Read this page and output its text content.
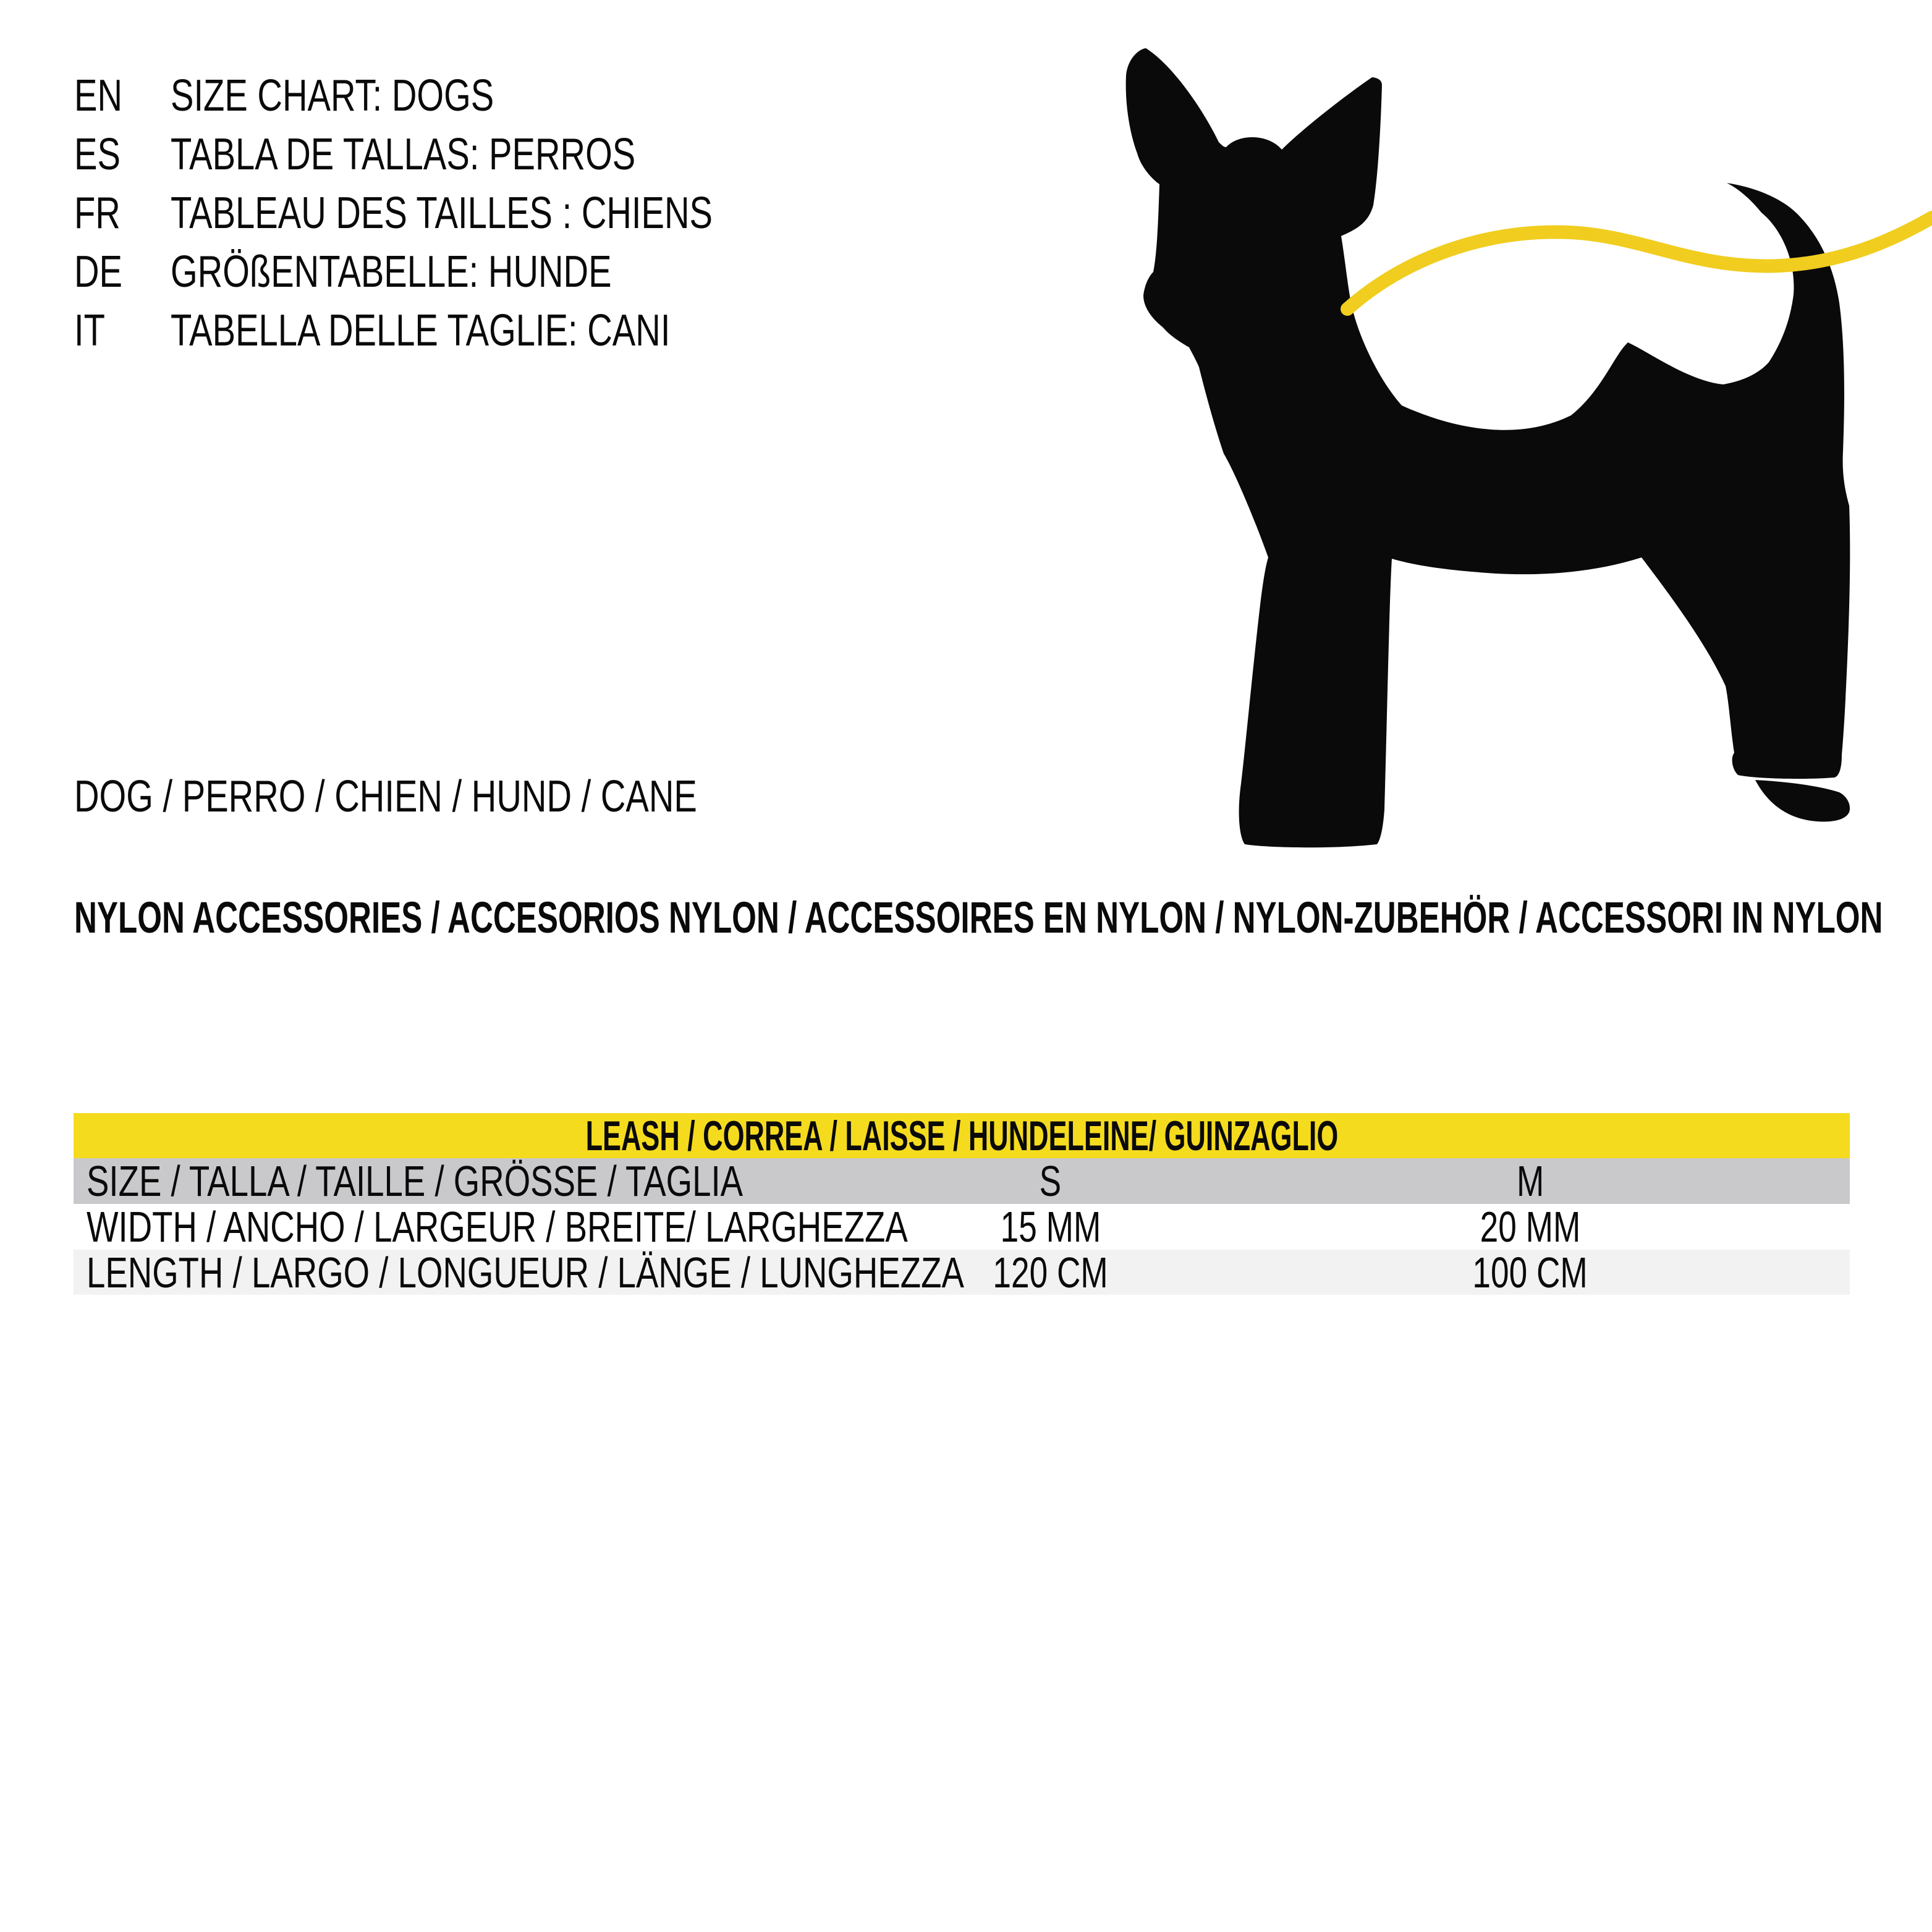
EN SIZE CHART: DOGS
ES TABLA DE TALLAS: PERROS
FR TABLEAU DES TAILLES : CHIENS
DE GRÖßENTABELLE: HUNDE
IT TABELLA DELLE TAGLIE: CANI
DOG / PERRO / CHIEN / HUND / CANE
NYLON ACCESSORIES / ACCESORIOS NYLON / ACCESSOIRES EN NYLON / NYLON-ZUBEHÖR / ACCESSORI IN NYLON
LEASH / CORREA / LAISSE / HUNDELEINE/ GUINZAGLIO
SIZE / TALLA / TAILLE / GRÖSSE / TAGLIA	S	M
WIDTH / ANCHO / LARGEUR / BREITE/ LARGHEZZA	15 MM	20 MM
LENGTH / LARGO / LONGUEUR / LÄNGE / LUNGHEZZA 120 CM	100 CM
